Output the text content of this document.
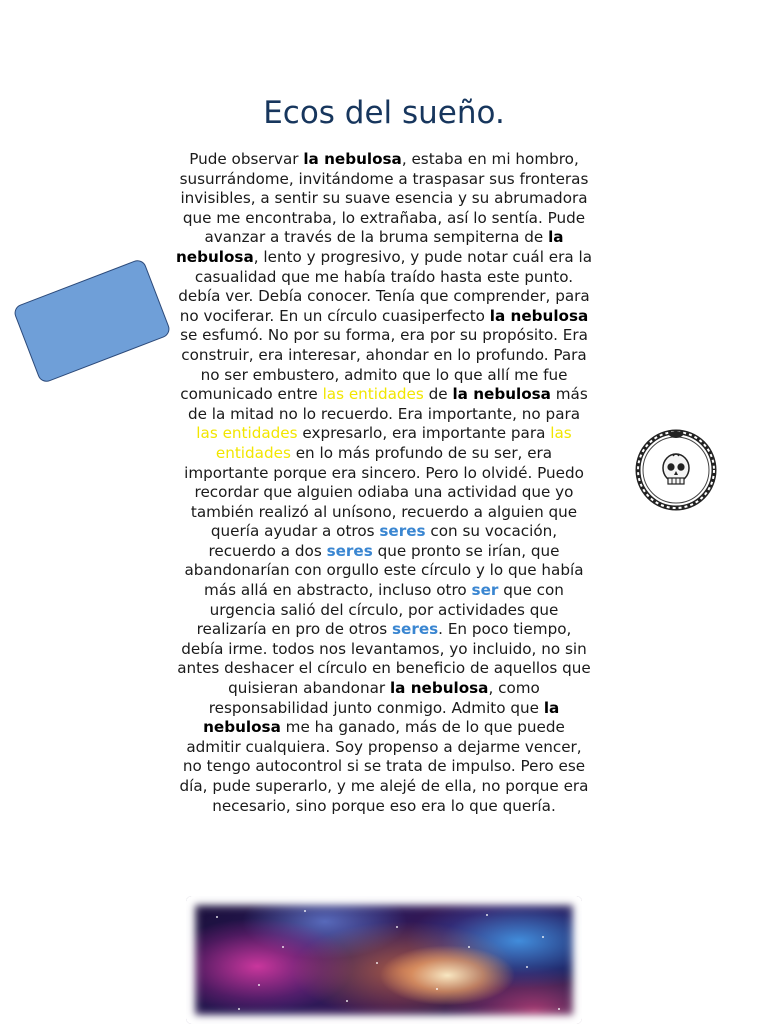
Ecos del sueño.

Pude observar la nebulosa, estaba en mi hombro, susurrándome, invitándome a traspasar sus fronteras invisibles, a sentir su suave esencia y su abrumadora que me encontraba, lo extrañaba, así lo sentía. Pude avanzar a través de la bruma sempiterna de la nebulosa, lento y progresivo, y pude notar cuál era la casualidad que me había traído hasta este punto. debía ver. Debía conocer. Tenía que comprender, para no vociferar. En un círculo cuasiperfecto la nebulosa se esfumó. No por su forma, era por su propósito. Era construir, era interesar, ahondar en lo profundo. Para no ser embustero, admito que lo que allí me fue comunicado entre las entidades de la nebulosa más de la mitad no lo recuerdo. Era importante, no para las entidades expresarlo, era importante para las entidades en lo más profundo de su ser, era importante porque era sincero. Pero lo olvidé. Puedo recordar que alguien odiaba una actividad que yo también realizó al unísono, recuerdo a alguien que quería ayudar a otros seres con su vocación, recuerdo a dos seres que pronto se irían, que abandonarían con orgullo este círculo y lo que había más allá en abstracto, incluso otro ser que con urgencia salió del círculo, por actividades que realizaría en pro de otros seres. En poco tiempo, debía irme. todos nos levantamos, yo incluido, no sin antes deshacer el círculo en beneficio de aquellos que quisieran abandonar la nebulosa, como responsabilidad junto conmigo. Admito que la nebulosa me ha ganado, más de lo que puede admitir cualquiera. Soy propenso a dejarme vencer, no tengo autocontrol si se trata de impulso. Pero ese día, pude superarlo, y me alejé de ella, no porque era necesario, sino porque eso era lo que quería.
